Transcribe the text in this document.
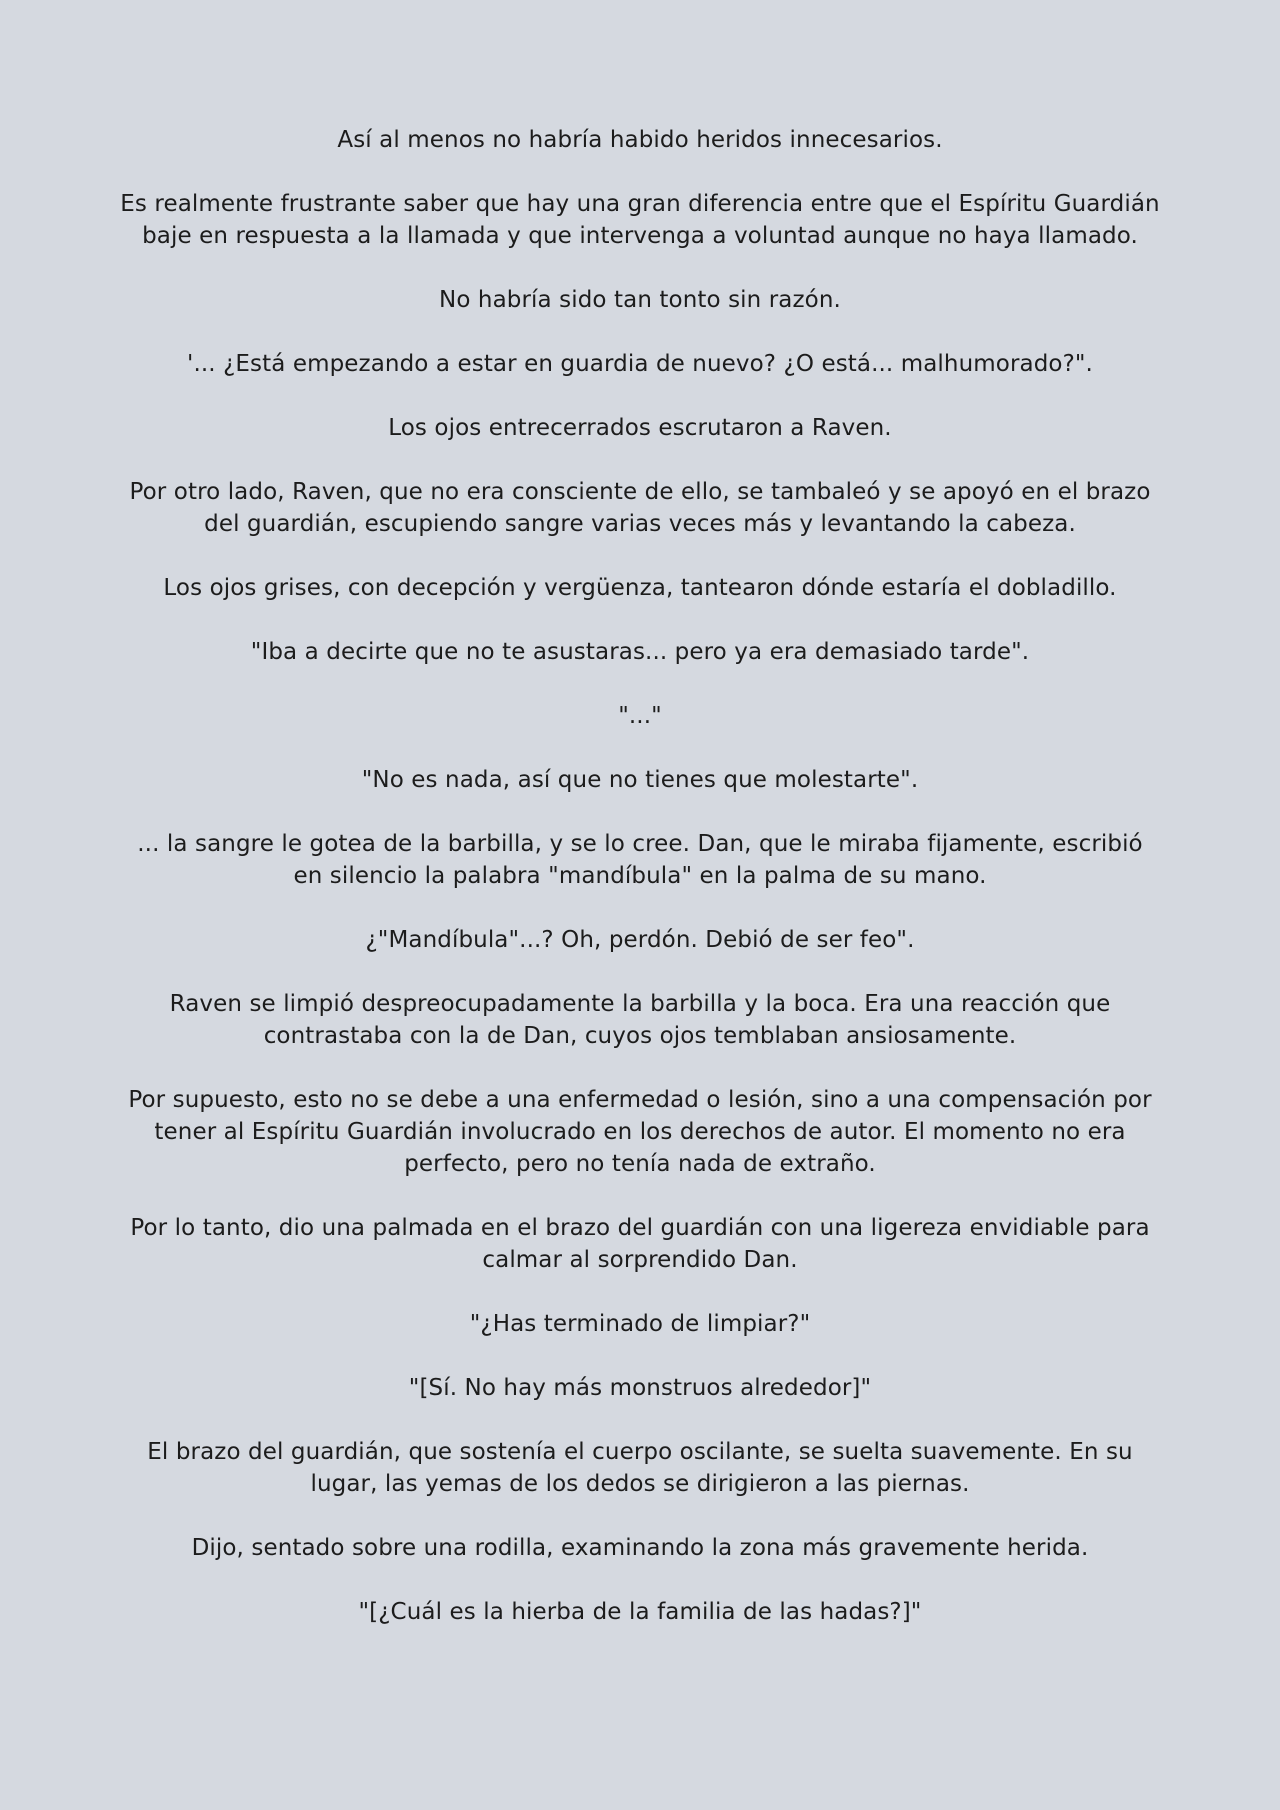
Así al menos no habría habido heridos innecesarios.

Es realmente frustrante saber que hay una gran diferencia entre que el Espíritu Guardián baje en respuesta a la llamada y que intervenga a voluntad aunque no haya llamado.

No habría sido tan tonto sin razón.

'... ¿Está empezando a estar en guardia de nuevo? ¿O está... malhumorado?".

Los ojos entrecerrados escrutaron a Raven.

Por otro lado, Raven, que no era consciente de ello, se tambaleó y se apoyó en el brazo del guardián, escupiendo sangre varias veces más y levantando la cabeza.

Los ojos grises, con decepción y vergüenza, tantearon dónde estaría el dobladillo.

"Iba a decirte que no te asustaras... pero ya era demasiado tarde".

"..."

"No es nada, así que no tienes que molestarte".

... la sangre le gotea de la barbilla, y se lo cree. Dan, que le miraba fijamente, escribió en silencio la palabra "mandíbula" en la palma de su mano.

¿"Mandíbula"...? Oh, perdón. Debió de ser feo".

Raven se limpió despreocupadamente la barbilla y la boca. Era una reacción que contrastaba con la de Dan, cuyos ojos temblaban ansiosamente.

Por supuesto, esto no se debe a una enfermedad o lesión, sino a una compensación por tener al Espíritu Guardián involucrado en los derechos de autor. El momento no era perfecto, pero no tenía nada de extraño.

Por lo tanto, dio una palmada en el brazo del guardián con una ligereza envidiable para calmar al sorprendido Dan.

"¿Has terminado de limpiar?"

"[Sí. No hay más monstruos alrededor]"

El brazo del guardián, que sostenía el cuerpo oscilante, se suelta suavemente. En su lugar, las yemas de los dedos se dirigieron a las piernas.

Dijo, sentado sobre una rodilla, examinando la zona más gravemente herida.

"[¿Cuál es la hierba de la familia de las hadas?]"
